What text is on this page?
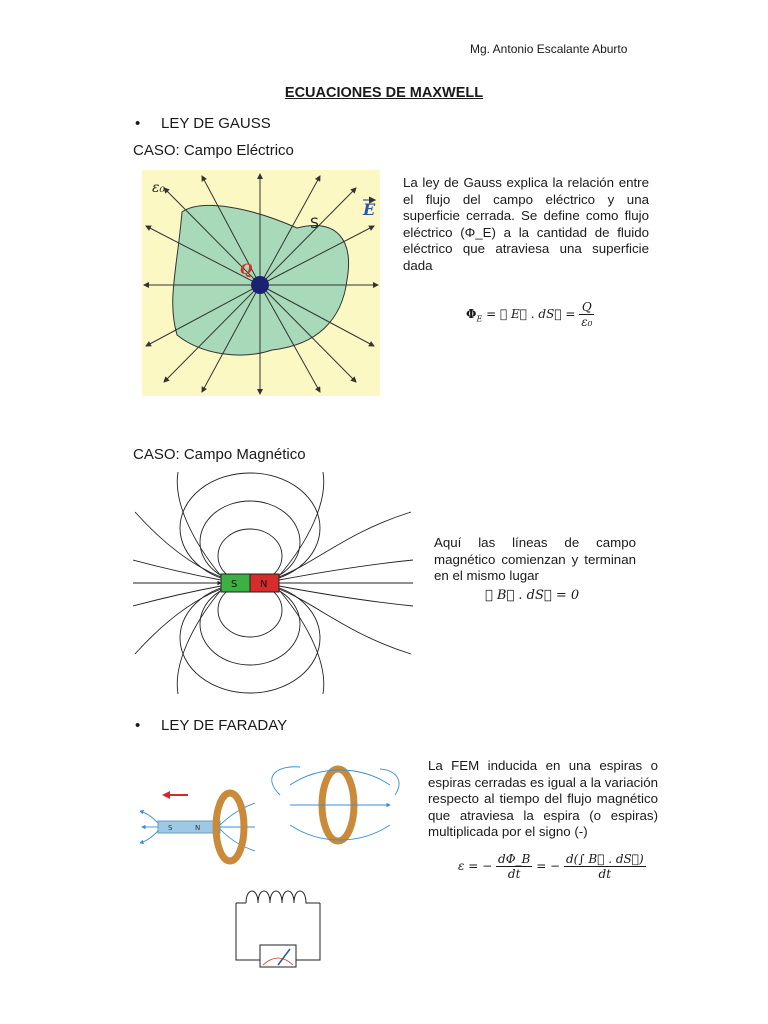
Mg. Antonio Escalante Aburto
ECUACIONES DE MAXWELL
• LEY DE GAUSS
CASO: Campo Eléctrico
ε₀
S
Q
E
La ley de Gauss explica la relación entre el flujo del campo eléctrico y una superficie cerrada. Se define como flujo eléctrico (Φ_E) a la cantidad de fluido eléctrico que atraviesa una superficie dada
$\Phi_E$ = ∮ E⃗ . dS⃗ = $\frac{Q}{\text{ε₀}}$
CASO: Campo Magnético
S N
Aquí las líneas de campo magnético comienzan y terminan en el mismo lugar
∮ B⃗ . dS⃗ = 0
• LEY DE FARADAY
S	N
La FEM inducida en una espiras o espiras cerradas es igual a la variación respecto al tiempo del flujo magnético que atraviesa la espira (o espiras) multiplicada por el signo (-)
ε = − $\frac{d\Phi\_B}{dt}$ = − $\frac{d(\int B⃗ . dS⃗)}{dt}$
